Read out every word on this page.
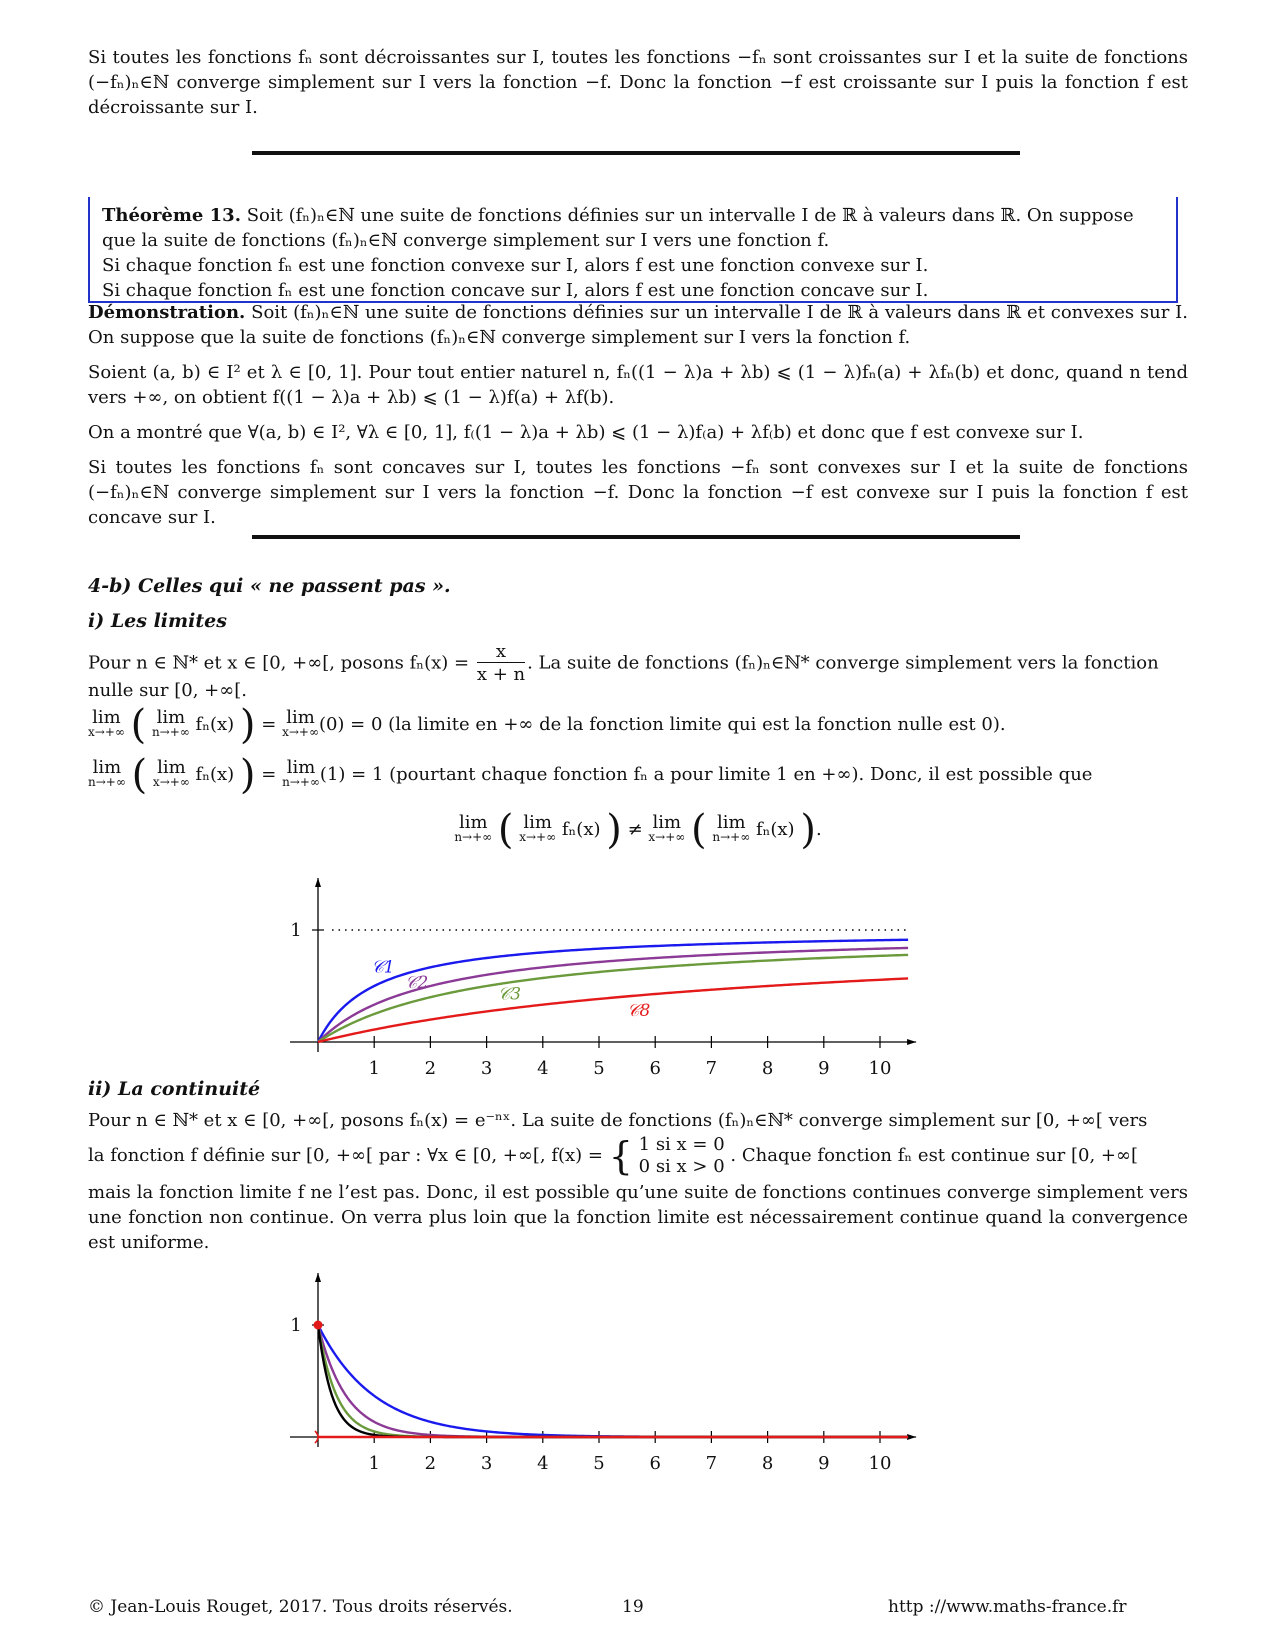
Si toutes les fonctions fₙ sont décroissantes sur I, toutes les fonctions −fₙ sont croissantes sur I et la suite de fonctions (−fₙ)ₙ∈ℕ converge simplement sur I vers la fonction −f. Donc la fonction −f est croissante sur I puis la fonction f est décroissante sur I.

Théorème 13. Soit (fₙ)ₙ∈ℕ une suite de fonctions définies sur un intervalle I de ℝ à valeurs dans ℝ. On suppose que la suite de fonctions (fₙ)ₙ∈ℕ converge simplement sur I vers une fonction f.

Si chaque fonction fₙ est une fonction convexe sur I, alors f est une fonction convexe sur I.

Si chaque fonction fₙ est une fonction concave sur I, alors f est une fonction concave sur I.

Démonstration. Soit (fₙ)ₙ∈ℕ une suite de fonctions définies sur un intervalle I de ℝ à valeurs dans ℝ et convexes sur I. On suppose que la suite de fonctions (fₙ)ₙ∈ℕ converge simplement sur I vers la fonction f.

Soient (a, b) ∈ I² et λ ∈ [0, 1]. Pour tout entier naturel n, fₙ((1 − λ)a + λb) ⩽ (1 − λ)fₙ(a) + λfₙ(b) et donc, quand n tend vers +∞, on obtient f((1 − λ)a + λb) ⩽ (1 − λ)f(a) + λf(b).

On a montré que ∀(a, b) ∈ I², ∀λ ∈ [0, 1], f₍(1 − λ)a + λb) ⩽ (1 − λ)f₍a) + λf₍b) et donc que f est convexe sur I.

Si toutes les fonctions fₙ sont concaves sur I, toutes les fonctions −fₙ sont convexes sur I et la suite de fonctions (−fₙ)ₙ∈ℕ converge simplement sur I vers la fonction −f. Donc la fonction −f est convexe sur I puis la fonction f est concave sur I.

4-b) Celles qui « ne passent pas ».
i) Les limites
Pour n ∈ ℕ* et x ∈ [0, +∞[, posons $f_n(x) = \frac{x}{x + n}$ . La suite de fonctions (fₙ)ₙ∈ℕ* converge simplement vers la fonction
nulle sur [0, +∞[.
lim
x→+∞ ( lim
n→+∞ fₙ(x) ) = lim
x→+∞ (0) = 0 (la limite en +∞ de la fonction limite qui est la fonction nulle est 0).
lim
n→+∞ ( lim
x→+∞ fₙ(x) ) = lim
n→+∞ (1) = 1 (pourtant chaque fonction fₙ a pour limite 1 en +∞). Donc, il est possible que
lim
n→+∞ ( lim
x→+∞ fₙ(x) ) ≠ lim
x→+∞ ( lim
n→+∞ fₙ(x) ).
1 2 3 4 5 6 7 8 9 10
1
𝒞1
𝒞2
𝒞3
𝒞8
ii) La continuité

Pour n ∈ ℕ* et x ∈ [0, +∞[, posons fₙ(x) = e⁻ⁿˣ. La suite de fonctions (fₙ)ₙ∈ℕ* converge simplement sur [0, +∞[ vers

la fonction f définie sur [0, +∞[ par : ∀x ∈ [0, +∞[, f(x) = { 1 si x = 0
0 si x > 0
. Chaque fonction fₙ est continue sur [0, +∞[

mais la fonction limite f ne l’est pas. Donc, il est possible qu’une suite de fonctions continues converge simplement vers une fonction non continue. On verra plus loin que la fonction limite est nécessairement continue quand la convergence est uniforme.

1 2 3 4 5 6 7 8 9 10
1
© Jean-Louis Rouget, 2017. Tous droits réservés.	19	http ://www.maths-france.fr
